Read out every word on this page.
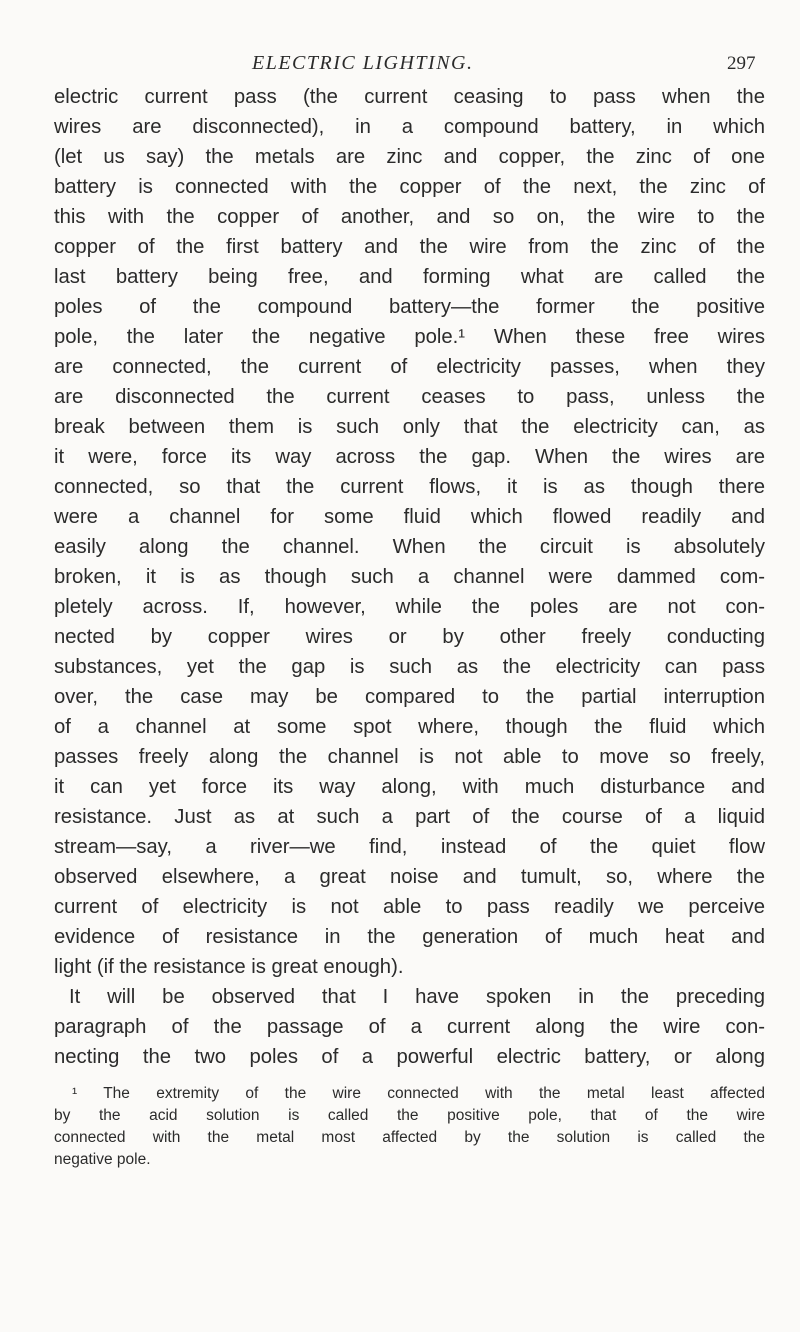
ELECTRIC LIGHTING.	297
electric current pass (the current ceasing to pass when the
wires are disconnected), in a compound battery, in which
(let us say) the metals are zinc and copper, the zinc of one
battery is connected with the copper of the next, the zinc of
this with the copper of another, and so on, the wire to the
copper of the first battery and the wire from the zinc of the
last battery being free, and forming what are called the
poles of the compound battery—the former the positive
pole, the later the negative pole.¹ When these free wires
are connected, the current of electricity passes, when they
are disconnected the current ceases to pass, unless the
break between them is such only that the electricity can, as
it were, force its way across the gap. When the wires are
connected, so that the current flows, it is as though there
were a channel for some fluid which flowed readily and
easily along the channel. When the circuit is absolutely
broken, it is as though such a channel were dammed com-
pletely across. If, however, while the poles are not con-
nected by copper wires or by other freely conducting
substances, yet the gap is such as the electricity can pass
over, the case may be compared to the partial interruption
of a channel at some spot where, though the fluid which
passes freely along the channel is not able to move so freely,
it can yet force its way along, with much disturbance and
resistance. Just as at such a part of the course of a liquid
stream—say, a river—we find, instead of the quiet flow
observed elsewhere, a great noise and tumult, so, where the
current of electricity is not able to pass readily we perceive
evidence of resistance in the generation of much heat and
light (if the resistance is great enough).
It will be observed that I have spoken in the preceding
paragraph of the passage of a current along the wire con-
necting the two poles of a powerful electric battery, or along
¹ The extremity of the wire connected with the metal least affected
by the acid solution is called the positive pole, that of the wire
connected with the metal most affected by the solution is called the
negative pole.
